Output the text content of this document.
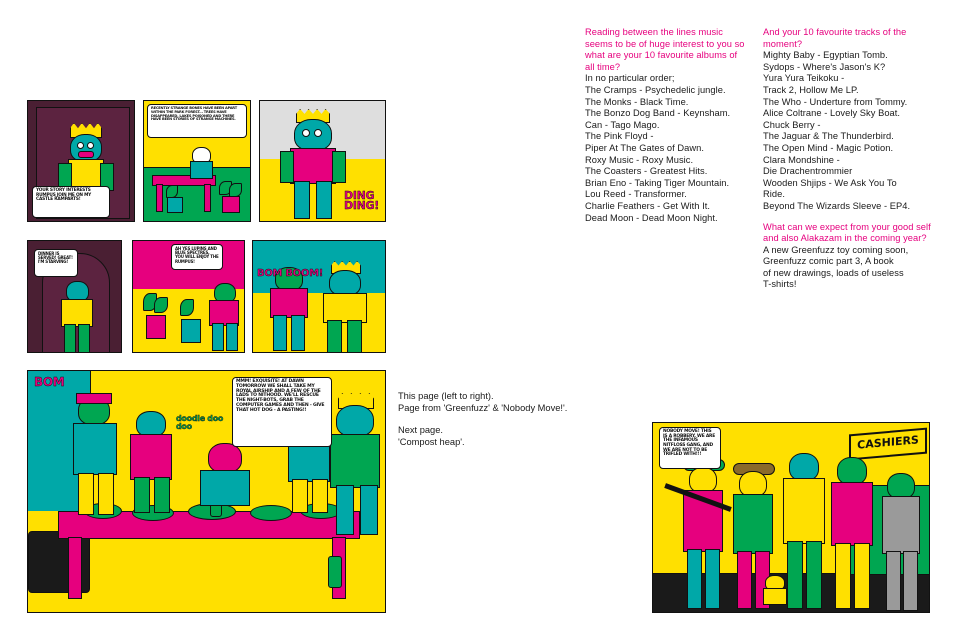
Reading between the lines music seems to be of huge interest to you so what are your 10 favourite albums of all time?
In no particular order;
The Cramps - Psychedelic jungle.
The Monks - Black Time.
The Bonzo Dog Band - Keynsham.
Can - Tago Mago.
The Pink Floyd -
Piper At The Gates of Dawn.
Roxy Music - Roxy Music.
The Coasters - Greatest Hits.
Brian Eno - Taking Tiger Mountain.
Lou Reed - Transformer.
Charlie Feathers - Get With It.
Dead Moon - Dead Moon Night.
And your 10 favourite tracks of the moment?
Mighty Baby - Egyptian Tomb.
Sydops - Where's Jason's K?
Yura Yura Teikoku -
Track 2, Hollow Me LP.
The Who - Underture from Tommy.
Alice Coltrane - Lovely Sky Boat.
Chuck Berry -
The Jaguar & The Thunderbird.
The Open Mind - Magic Potion.
Clara Mondshine -
Die Drachentrommier
Wooden Shjips - We Ask You To
Ride.
Beyond The Wizards Sleeve - EP4.
What can we expect from your good self and also Alakazam in the coming year?
A new Greenfuzz toy coming soon,
Greenfuzz comic part 3, A book
of new drawings, loads of useless
T-shirts!
This page (left to right).
Page from 'Greenfuzz' & 'Nobody Move!'.
Next page.
'Compost heap'.
YOUR STORY INTERESTS RUMPUS JOIN ME ON MY CASTLE RAMPARTS!
RECENTLY STRANGE BONES HAVE BEEN APART WITHIN THE PARK FOREST... TREES HAVE DISAPPEARED, LAKES POISONED AND THERE HAVE BEEN STORIES OF STRANGE MACHINES.
DING DING!
DINNER IS SERVED! GREAT! I'M STARVING!
AH YES LUPINS AND BLUE SPECTRES, YOU WILL ENJOY THE RUMPUS!
BOM BOOM!
MMM! EXQUISITE! AT DAWN TOMORROW WE SHALL TAKE MY ROYAL AIRSHIP AND A FEW OF THE LADS TO NITHOOD. WE'LL RESCUE THE NIGHT-BOTS, GRAB THE COMPUTER GAMES AND THEN - GIVE THAT HOT DOG - A PASTING!!
BOM
doodle doo doo
CASHIERS
NOBODY MOVE! THIS IS A ROBBERY, WE ARE THE INFAMOUS NITFLOSS GANG, AND WE ARE NOT TO BE TRIFLED WITH!!!
